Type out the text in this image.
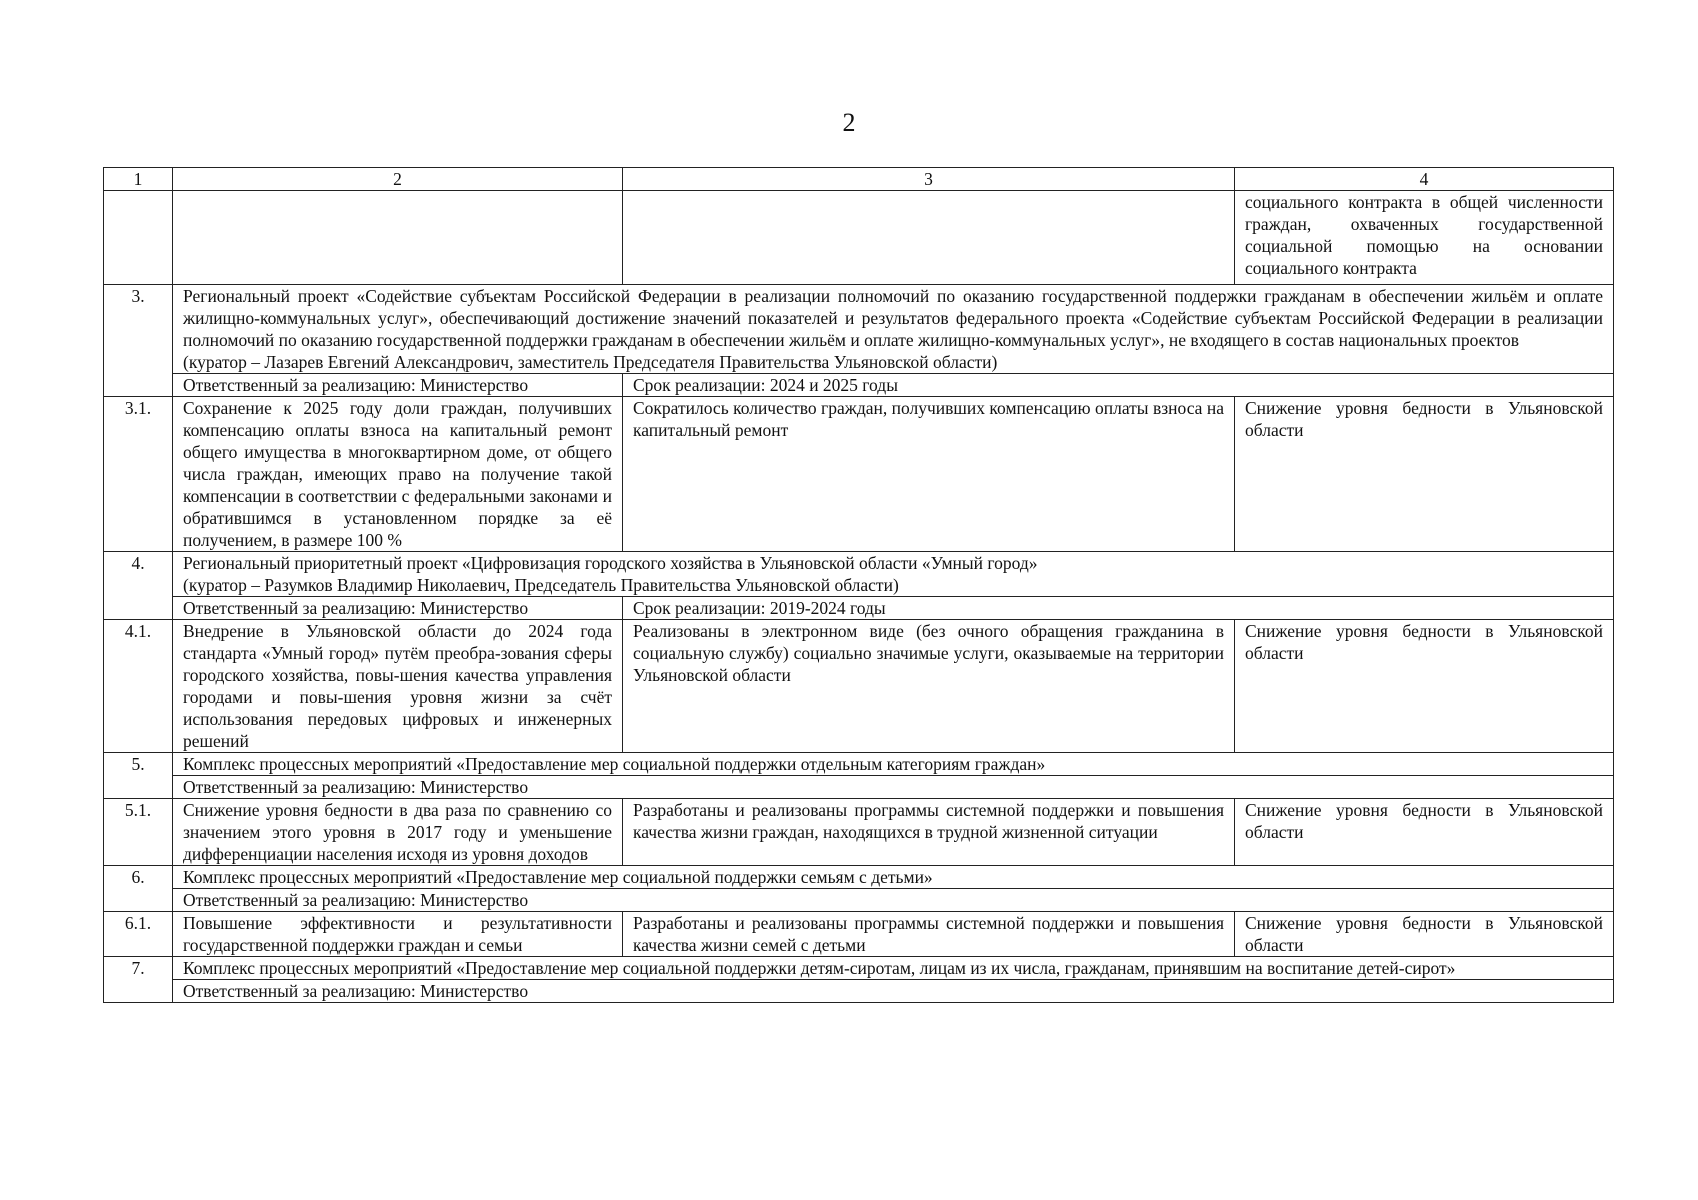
2
1	2	3	4
			социального контракта в общей численности граждан, охваченных государственной социальной помощью на основании социального контракта
3.	Региональный проект «Содействие субъектам Российской Федерации в реализации полномочий по оказанию государственной поддержки гражданам в обеспечении жильём и оплате жилищно-коммунальных услуг», обеспечивающий достижение значений показателей и результатов федерального проекта «Содействие субъектам Российской Федерации в реализации полномочий по оказанию государственной поддержки гражданам в обеспечении жильём и оплате жилищно-коммунальных услуг», не входящего в состав национальных проектов
(куратор – Лазарев Евгений Александрович, заместитель Председателя Правительства Ульяновской области)		
	Ответственный за реализацию: Министерство	Срок реализации: 2024 и 2025 годы	
3.1.	Сохранение к 2025 году доли граждан, получивших компенсацию оплаты взноса на капитальный ремонт общего имущества в многоквартирном доме, от общего числа граждан, имеющих право на получение такой компенсации в соответствии с федеральными законами и обратившимся в установленном порядке за её получением, в размере 100 %	Сократилось количество граждан, получивших компенсацию оплаты взноса на капитальный ремонт	Снижение уровня бедности в Ульяновской области
4.	Региональный приоритетный проект «Цифровизация городского хозяйства в Ульяновской области «Умный город»
(куратор – Разумков Владимир Николаевич, Председатель Правительства Ульяновской области)		
	Ответственный за реализацию: Министерство	Срок реализации: 2019-2024 годы	
4.1.	Внедрение в Ульяновской области до 2024 года стандарта «Умный город» путём преобра-зования сферы городского хозяйства, повы-шения качества управления городами и повы-шения уровня жизни за счёт использования передовых цифровых и инженерных решений	Реализованы в электронном виде (без очного обращения гражданина в социальную службу) социально значимые услуги, оказываемые на территории Ульяновской области	Снижение уровня бедности в Ульяновской области
5.	Комплекс процессных мероприятий «Предоставление мер социальной поддержки отдельным категориям граждан»		
	Ответственный за реализацию: Министерство		
5.1.	Снижение уровня бедности в два раза по сравнению со значением этого уровня в 2017 году и уменьшение дифференциации населения исходя из уровня доходов	Разработаны и реализованы программы системной поддержки и повышения качества жизни граждан, находящихся в трудной жизненной ситуации	Снижение уровня бедности в Ульяновской области
6.	Комплекс процессных мероприятий «Предоставление мер социальной поддержки семьям с детьми»		
	Ответственный за реализацию: Министерство		
6.1.	Повышение эффективности и результативности государственной поддержки граждан и семьи	Разработаны и реализованы программы системной поддержки и повышения качества жизни семей с детьми	Снижение уровня бедности в Ульяновской области
7.	Комплекс процессных мероприятий «Предоставление мер социальной поддержки детям-сиротам, лицам из их числа, гражданам, принявшим на воспитание детей-сирот»		
	Ответственный за реализацию: Министерство		
